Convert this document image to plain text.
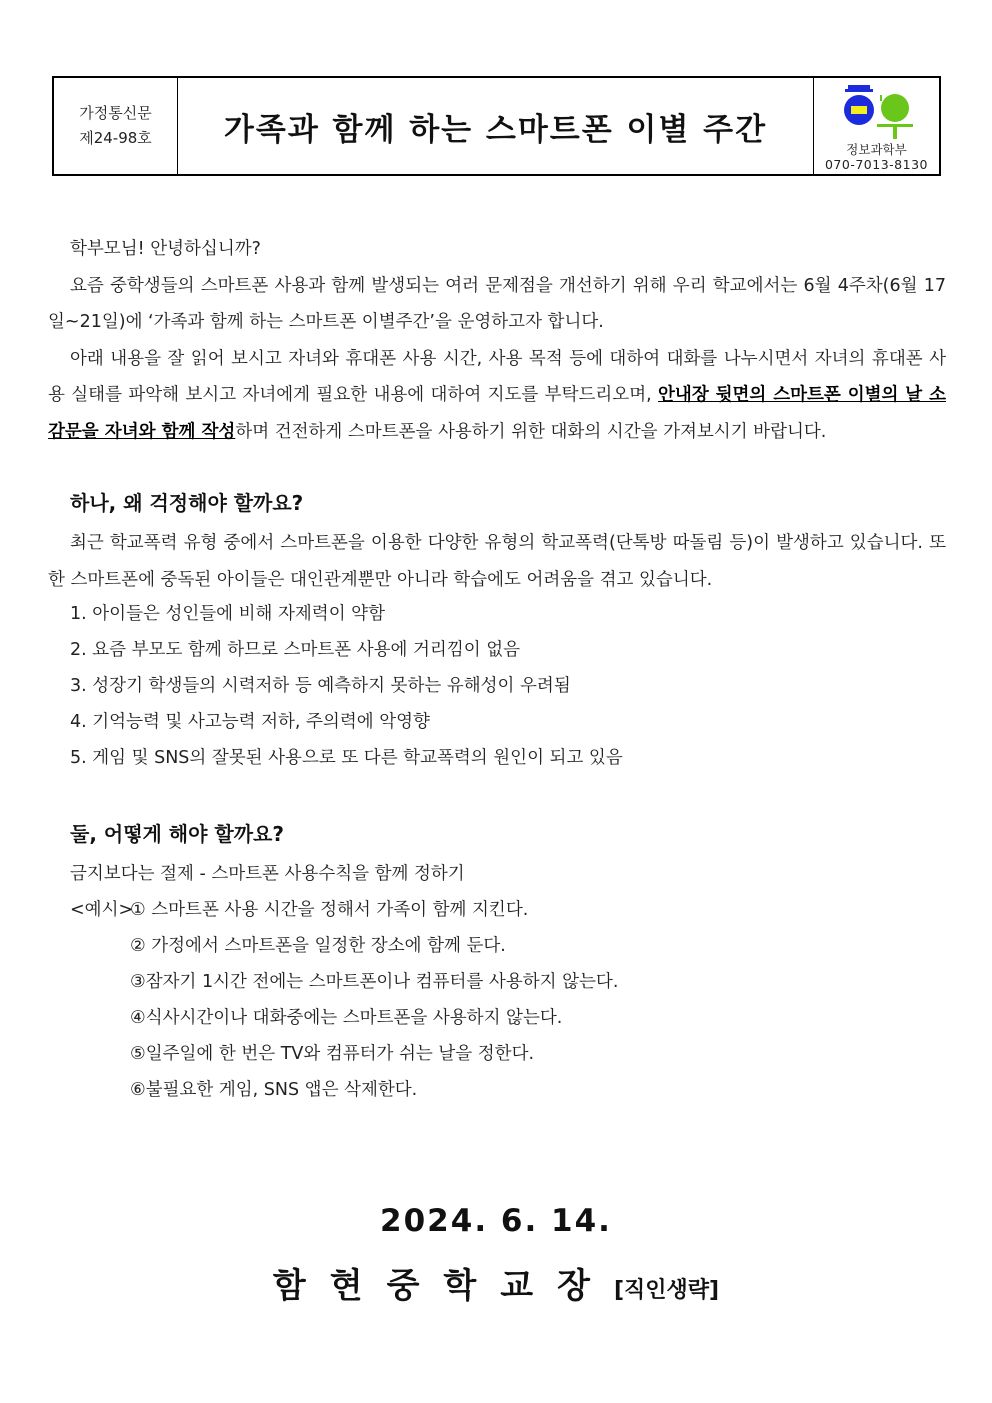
가정통신문
제24-98호	가족과 함께 하는 스마트폰 이별 주간
정보과학부
070-7013-8130

학부모님! 안녕하십니까?

요즘 중학생들의 스마트폰 사용과 함께 발생되는 여러 문제점을 개선하기 위해 우리 학교에서는 6월 4주차(6월 17일~21일)에 ‘가족과 함께 하는 스마트폰 이별주간’을 운영하고자 합니다.

아래 내용을 잘 읽어 보시고 자녀와 휴대폰 사용 시간, 사용 목적 등에 대하여 대화를 나누시면서 자녀의 휴대폰 사용 실태를 파악해 보시고 자녀에게 필요한 내용에 대하여 지도를 부탁드리오며, 안내장 뒷면의 스마트폰 이별의 날 소감문을 자녀와 함께 작성하며 건전하게 스마트폰을 사용하기 위한 대화의 시간을 가져보시기 바랍니다.

하나, 왜 걱정해야 할까요?

최근 학교폭력 유형 중에서 스마트폰을 이용한 다양한 유형의 학교폭력(단톡방 따돌림 등)이 발생하고 있습니다. 또한 스마트폰에 중독된 아이들은 대인관계뿐만 아니라 학습에도 어려움을 겪고 있습니다.

1. 아이들은 성인들에 비해 자제력이 약함
2. 요즘 부모도 함께 하므로 스마트폰 사용에 거리낌이 없음
3. 성장기 학생들의 시력저하 등 예측하지 못하는 유해성이 우려됨
4. 기억능력 및 사고능력 저하, 주의력에 악영향
5. 게임 및 SNS의 잘못된 사용으로 또 다른 학교폭력의 원인이 되고 있음
둘, 어떻게 해야 할까요?
금지보다는 절제 - 스마트폰 사용수칙을 함께 정하기
<예시>
① 스마트폰 사용 시간을 정해서 가족이 함께 지킨다.
② 가정에서 스마트폰을 일정한 장소에 함께 둔다.
③잠자기 1시간 전에는 스마트폰이나 컴퓨터를 사용하지 않는다.
④식사시간이나 대화중에는 스마트폰을 사용하지 않는다.
⑤일주일에 한 번은 TV와 컴퓨터가 쉬는 날을 정한다.
⑥불필요한 게임, SNS 앱은 삭제한다.
2024. 6. 14.
함현중학교장[직인생략]
